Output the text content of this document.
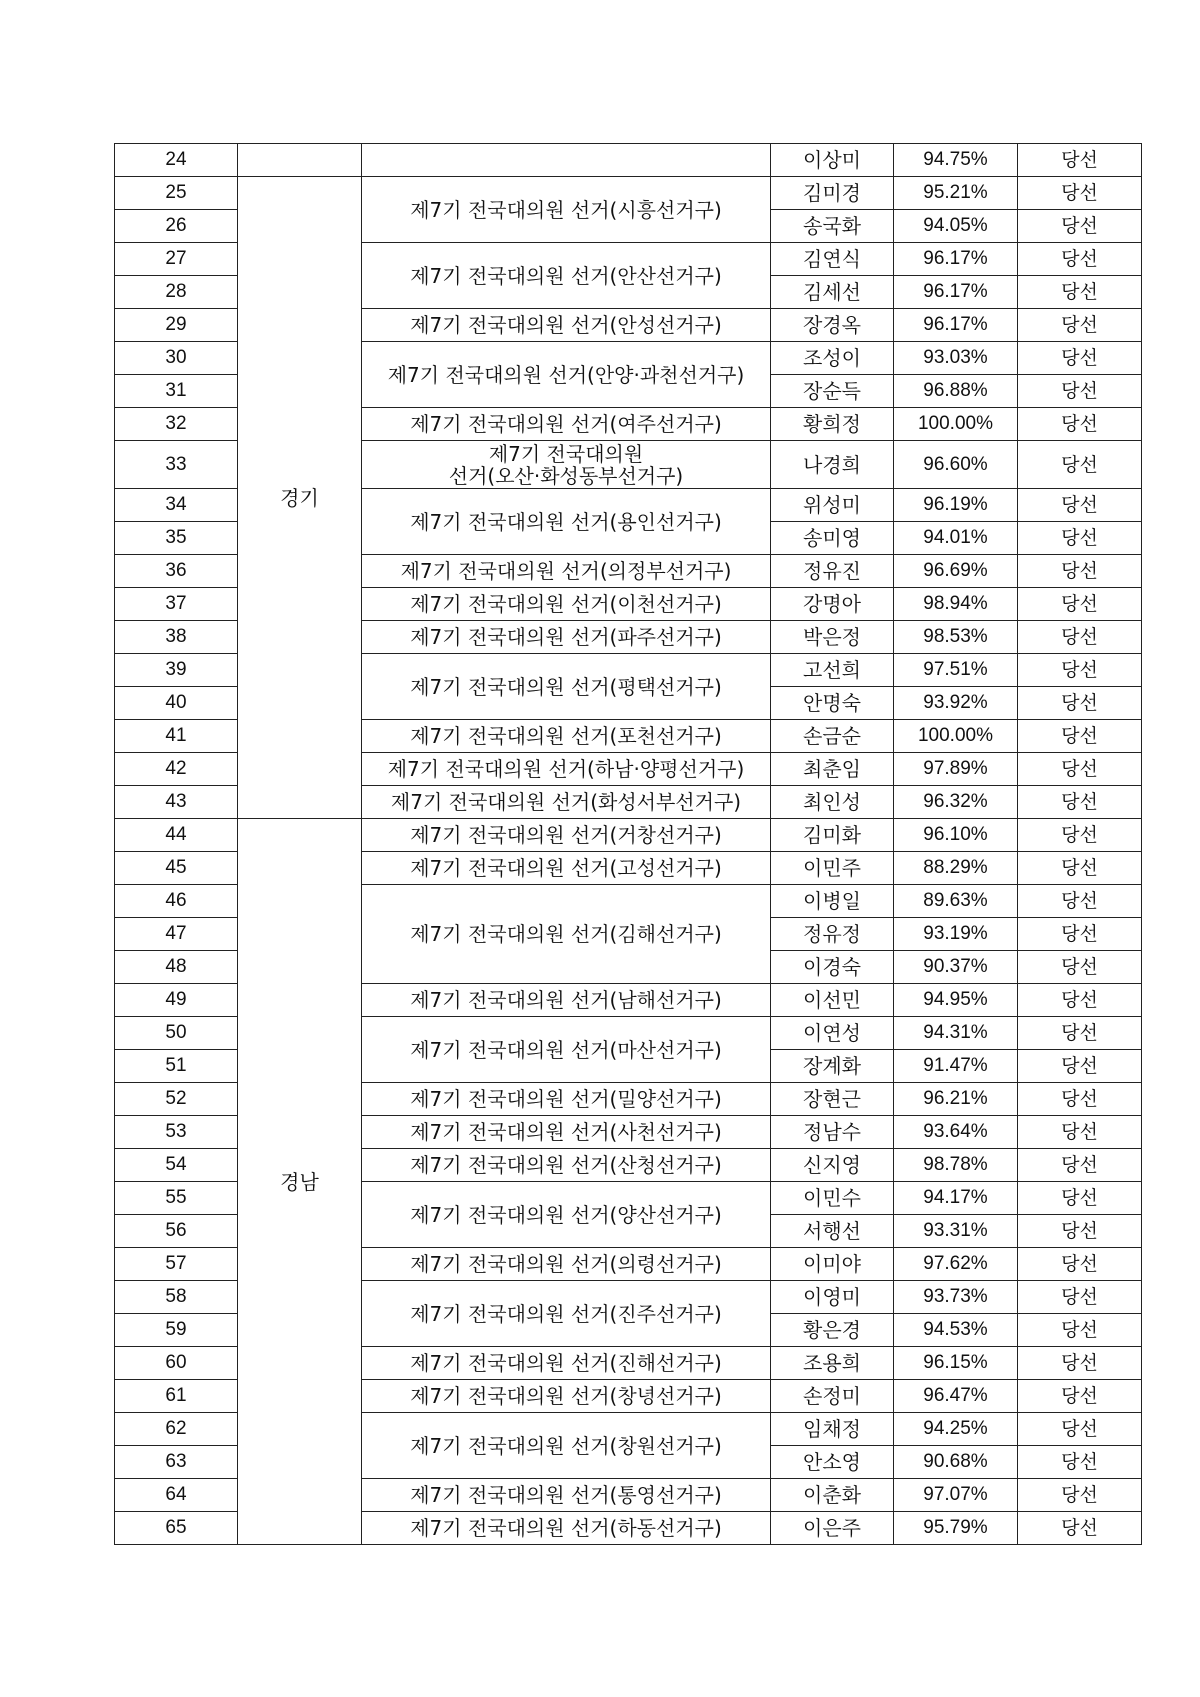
24			이상미	94.75%	당선
25	경기	제7기 전국대의원 선거(시흥선거구)	김미경	95.21%	당선
26			송국화	94.05%	당선
27		제7기 전국대의원 선거(안산선거구)	김연식	96.17%	당선
28			김세선	96.17%	당선
29		제7기 전국대의원 선거(안성선거구)	장경옥	96.17%	당선
30		제7기 전국대의원 선거(안양·과천선거구)	조성이	93.03%	당선
31			장순득	96.88%	당선
32		제7기 전국대의원 선거(여주선거구)	황희정	100.00%	당선
33		제7기 전국대의원
선거(오산·화성동부선거구)	나경희	96.60%	당선
34		제7기 전국대의원 선거(용인선거구)	위성미	96.19%	당선
35			송미영	94.01%	당선
36		제7기 전국대의원 선거(의정부선거구)	정유진	96.69%	당선
37		제7기 전국대의원 선거(이천선거구)	강명아	98.94%	당선
38		제7기 전국대의원 선거(파주선거구)	박은정	98.53%	당선
39		제7기 전국대의원 선거(평택선거구)	고선희	97.51%	당선
40			안명숙	93.92%	당선
41		제7기 전국대의원 선거(포천선거구)	손금순	100.00%	당선
42		제7기 전국대의원 선거(하남·양평선거구)	최춘임	97.89%	당선
43		제7기 전국대의원 선거(화성서부선거구)	최인성	96.32%	당선
44	경남	제7기 전국대의원 선거(거창선거구)	김미화	96.10%	당선
45		제7기 전국대의원 선거(고성선거구)	이민주	88.29%	당선
46		제7기 전국대의원 선거(김해선거구)	이병일	89.63%	당선
47			정유정	93.19%	당선
48			이경숙	90.37%	당선
49		제7기 전국대의원 선거(남해선거구)	이선민	94.95%	당선
50		제7기 전국대의원 선거(마산선거구)	이연성	94.31%	당선
51			장계화	91.47%	당선
52		제7기 전국대의원 선거(밀양선거구)	장현근	96.21%	당선
53		제7기 전국대의원 선거(사천선거구)	정남수	93.64%	당선
54		제7기 전국대의원 선거(산청선거구)	신지영	98.78%	당선
55		제7기 전국대의원 선거(양산선거구)	이민수	94.17%	당선
56			서행선	93.31%	당선
57		제7기 전국대의원 선거(의령선거구)	이미야	97.62%	당선
58		제7기 전국대의원 선거(진주선거구)	이영미	93.73%	당선
59			황은경	94.53%	당선
60		제7기 전국대의원 선거(진해선거구)	조용희	96.15%	당선
61		제7기 전국대의원 선거(창녕선거구)	손정미	96.47%	당선
62		제7기 전국대의원 선거(창원선거구)	임채정	94.25%	당선
63			안소영	90.68%	당선
64		제7기 전국대의원 선거(통영선거구)	이춘화	97.07%	당선
65		제7기 전국대의원 선거(하동선거구)	이은주	95.79%	당선
